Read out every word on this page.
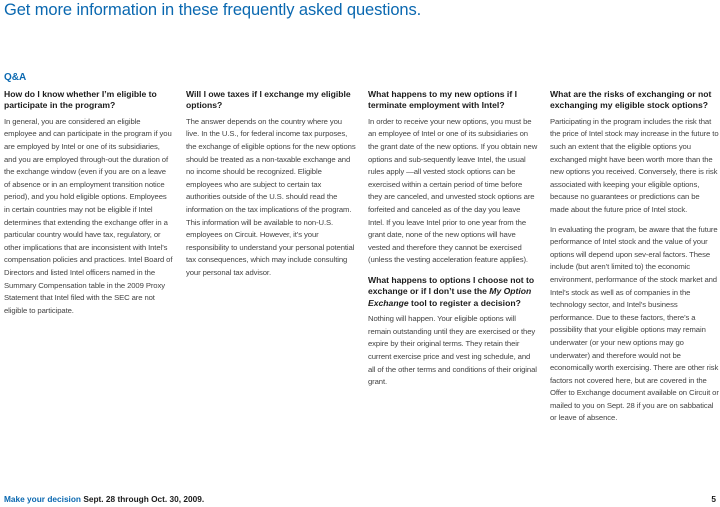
Get more information in these frequently asked questions.
Q&A

How do I know whether I’m eligible to participate in the program?

In general, you are considered an eligible employee and can participate in the program if you are employed by Intel or one of its subsidiaries, and you are employed through-out the duration of the exchange window (even if you are on a leave of absence or in an employment transition notice period), and you hold eligible options. Employees in certain countries may not be eligible if Intel determines that extending the exchange offer in a particular country would have tax, regulatory, or other implications that are inconsistent with Intel’s compensation policies and practices. Intel Board of Directors and listed Intel officers named in the Summary Compensation table in the 2009 Proxy Statement that Intel filed with the SEC are not eligible to participate.

Will I owe taxes if I exchange my eligible options?

The answer depends on the country where you live. In the U.S., for federal income tax purposes, the exchange of eligible options for the new options should be treated as a non-taxable exchange and no income should be recognized. Eligible employees who are subject to certain tax authorities outside of the U.S. should read the information on the tax implications of the program. This information will be available to non-U.S. employees on Circuit. However, it’s your responsibility to understand your personal potential tax consequences, which may include consulting your personal tax advisor.

What happens to my new options if I terminate employment with Intel?

In order to receive your new options, you must be an employee of Intel or one of its subsidiaries on the grant date of the new options. If you obtain new options and sub-sequently leave Intel, the usual rules apply —all vested stock options can be exercised within a certain period of time before they are canceled, and unvested stock options are forfeited and canceled as of the day you leave Intel. If you leave Intel prior to one year from the grant date, none of the new options will have vested and therefore they cannot be exercised (unless the vesting acceleration feature applies).

What happens to options I choose not to exchange or if I don’t use the My Option Exchange tool to register a decision?

Nothing will happen. Your eligible options will remain outstanding until they are exercised or they expire by their original terms. They retain their current exercise price and vest ing schedule, and all of the other terms and conditions of their original grant.

What are the risks of exchanging or not exchanging my eligible stock options?

Participating in the program includes the risk that the price of Intel stock may increase in the future to such an extent that the eligible options you exchanged might have been worth more than the new options you received. Conversely, there is risk associated with keeping your eligible options, because no guarantees or predictions can be made about the future price of Intel stock.

In evaluating the program, be aware that the future performance of Intel stock and the value of your options will depend upon sev-eral factors. These include (but aren’t limited to) the economic environment, performance of the stock market and Intel’s stock as well as of companies in the technology sector, and Intel’s business performance. Due to these factors, there’s a possibility that your eligible options may remain underwater (or your new options may go underwater) and therefore would not be economically worth exercising. There are other risk factors not covered here, but are covered in the Offer to Exchange document available on Circuit or mailed to you on Sept. 28 if you are on sabbatical or leave of absence.

Make your decision Sept. 28 through Oct. 30, 2009.	5
